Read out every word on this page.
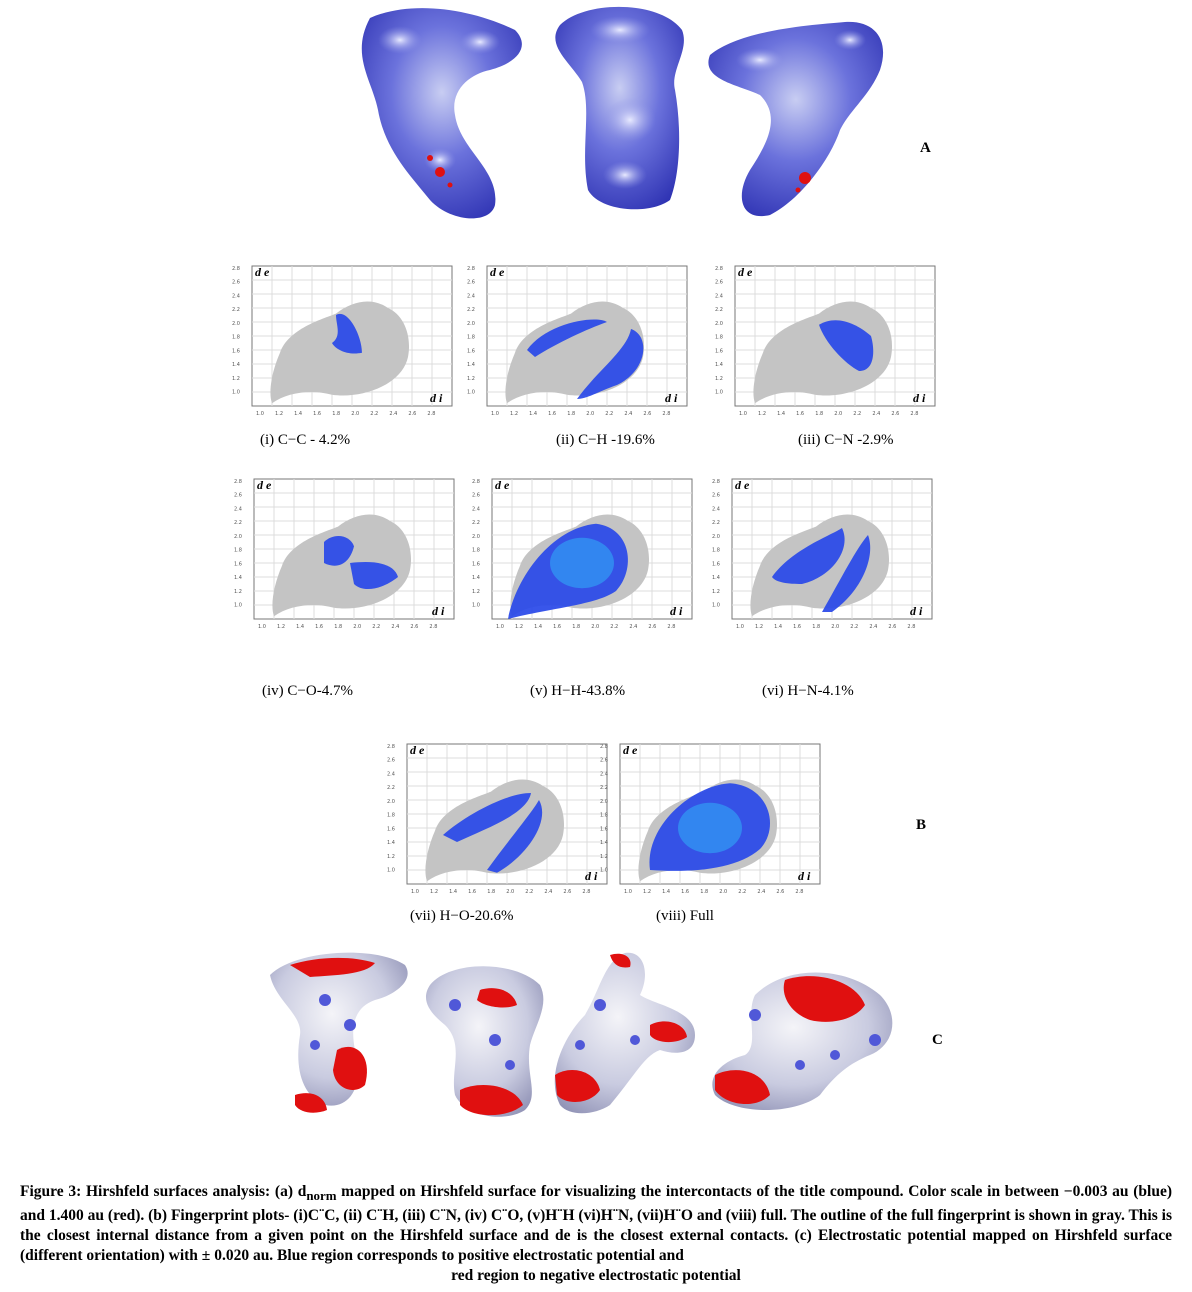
A
2.8
2.6
2.4
2.2
2.0
1.8
1.6
1.4
1.2
1.0
1.0 1.2 1.4 1.6 1.8 2.0 2.2 2.4 2.6 2.8
d e
d i
2.8
2.6
2.4
2.2
2.0
1.8
1.6
1.4
1.2
1.0
1.0 1.2 1.4 1.6 1.8 2.0 2.2 2.4 2.6 2.8
d e
d i
2.8
2.6
2.4
2.2
2.0
1.8
1.6
1.4
1.2
1.0
1.0 1.2 1.4 1.6 1.8 2.0 2.2 2.4 2.6 2.8
d e
d i
2.8
2.6
2.4
2.2
2.0
1.8
1.6
1.4
1.2
1.0
1.0 1.2 1.4 1.6 1.8 2.0 2.2 2.4 2.6 2.8
d e
d i
2.8
2.6
2.4
2.2
2.0
1.8
1.6
1.4
1.2
1.0
1.0 1.2 1.4 1.6 1.8 2.0 2.2 2.4 2.6 2.8
d e
d i
2.8
2.6
2.4
2.2
2.0
1.8
1.6
1.4
1.2
1.0
1.0 1.2 1.4 1.6 1.8 2.0 2.2 2.4 2.6 2.8
d e
d i
2.8
2.6
2.4
2.2
2.0
1.8
1.6
1.4
1.2
1.0
1.0 1.2 1.4 1.6 1.8 2.0 2.2 2.4 2.6 2.8
d e
d i
2.8
2.6
2.4
2.2
2.0
1.8
1.6
1.4
1.2
1.0
1.0 1.2 1.4 1.6 1.8 2.0 2.2 2.4 2.6 2.8
d e
d i
(i) C−C - 4.2%	(ii) C−H -19.6%	(iii) C−N -2.9%
(iv) C−O-4.7%	(v) H−H-43.8%	(vi) H−N-4.1%
(vii) H−O-20.6%	(viii) Full
B
C
Figure 3: Hirshfeld surfaces analysis: (a) $d_{norm}$ mapped on Hirshfeld surface for visualizing the intercontacts of the title compound. Color scale in between −0.003 au (blue) and 1.400 au (red). (b) Fingerprint plots- (i)C¨C, (ii) C¨H, (iii) C¨N, (iv) C¨O, (v)H¨H (vi)H¨N, (vii)H¨O and (viii) full. The outline of the full fingerprint is shown in gray. This is the closest internal distance from a given point on the Hirshfeld surface and de is the closest external contacts. (c) Electrostatic potential mapped on Hirshfeld surface (different orientation) with ± 0.020 au. Blue region corresponds to positive electrostatic potential and
red region to negative electrostatic potential
